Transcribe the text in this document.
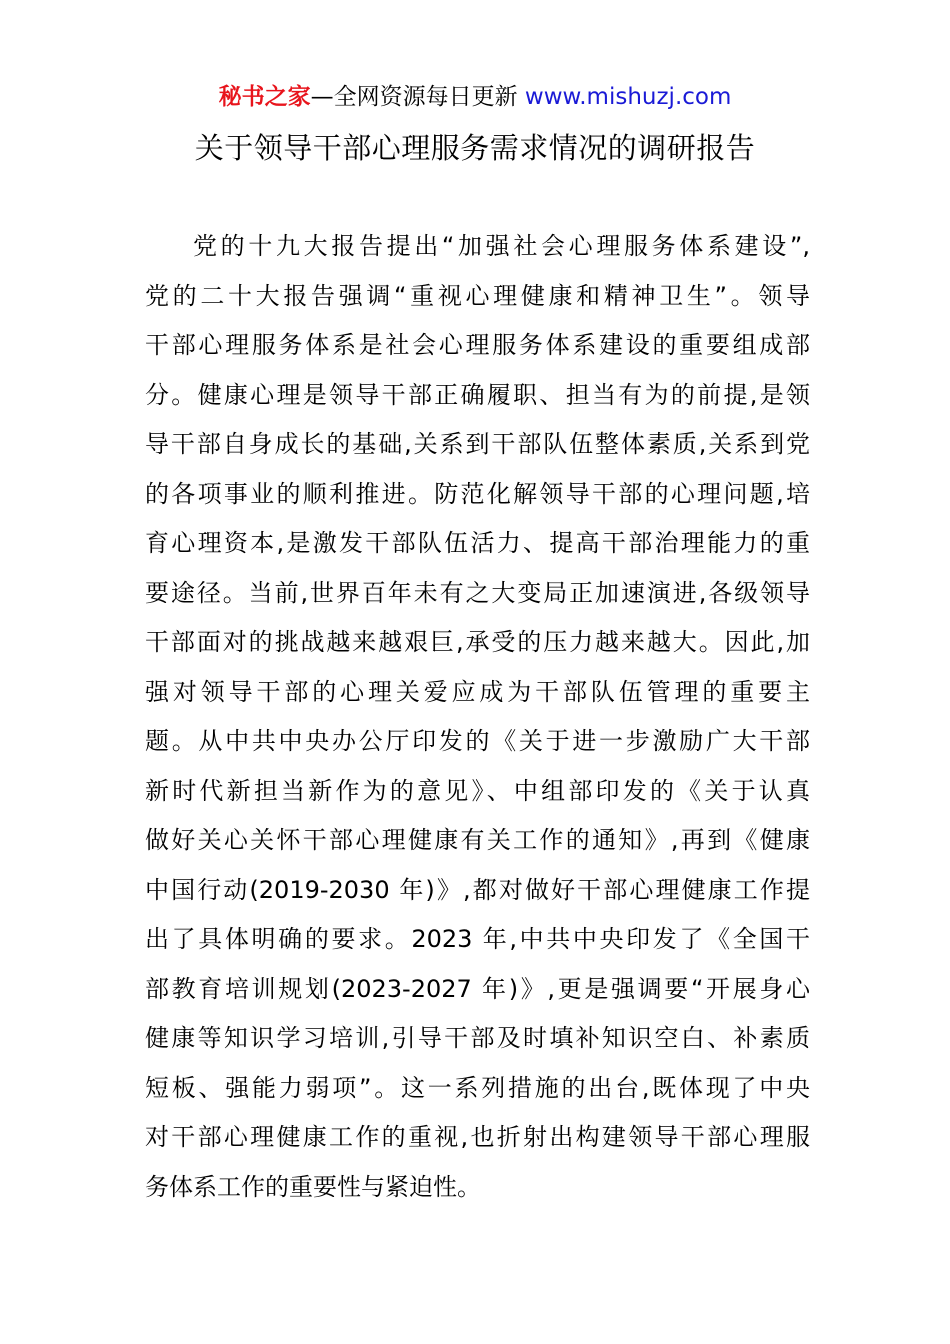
秘书之家—全网资源每日更新 www.mishuzj.com
关于领导干部心理服务需求情况的调研报告
党的十九大报告提出“加强社会心理服务体系建设”,
党的二十大报告强调“重视心理健康和精神卫生”。领导
干部心理服务体系是社会心理服务体系建设的重要组成部
分。健康心理是领导干部正确履职、担当有为的前提,是领
导干部自身成长的基础,关系到干部队伍整体素质,关系到党
的各项事业的顺利推进。防范化解领导干部的心理问题,培
育心理资本,是激发干部队伍活力、提高干部治理能力的重
要途径。当前,世界百年未有之大变局正加速演进,各级领导
干部面对的挑战越来越艰巨,承受的压力越来越大。因此,加
强对领导干部的心理关爱应成为干部队伍管理的重要主
题。从中共中央办公厅印发的《关于进一步激励广大干部
新时代新担当新作为的意见》、中组部印发的《关于认真
做好关心关怀干部心理健康有关工作的通知》,再到《健康
中国行动(2019-2030 年)》,都对做好干部心理健康工作提
出了具体明确的要求。2023 年,中共中央印发了《全国干
部教育培训规划(2023-2027 年)》,更是强调要“开展身心
健康等知识学习培训,引导干部及时填补知识空白、补素质
短板、强能力弱项”。这一系列措施的出台,既体现了中央
对干部心理健康工作的重视,也折射出构建领导干部心理服
务体系工作的重要性与紧迫性。
